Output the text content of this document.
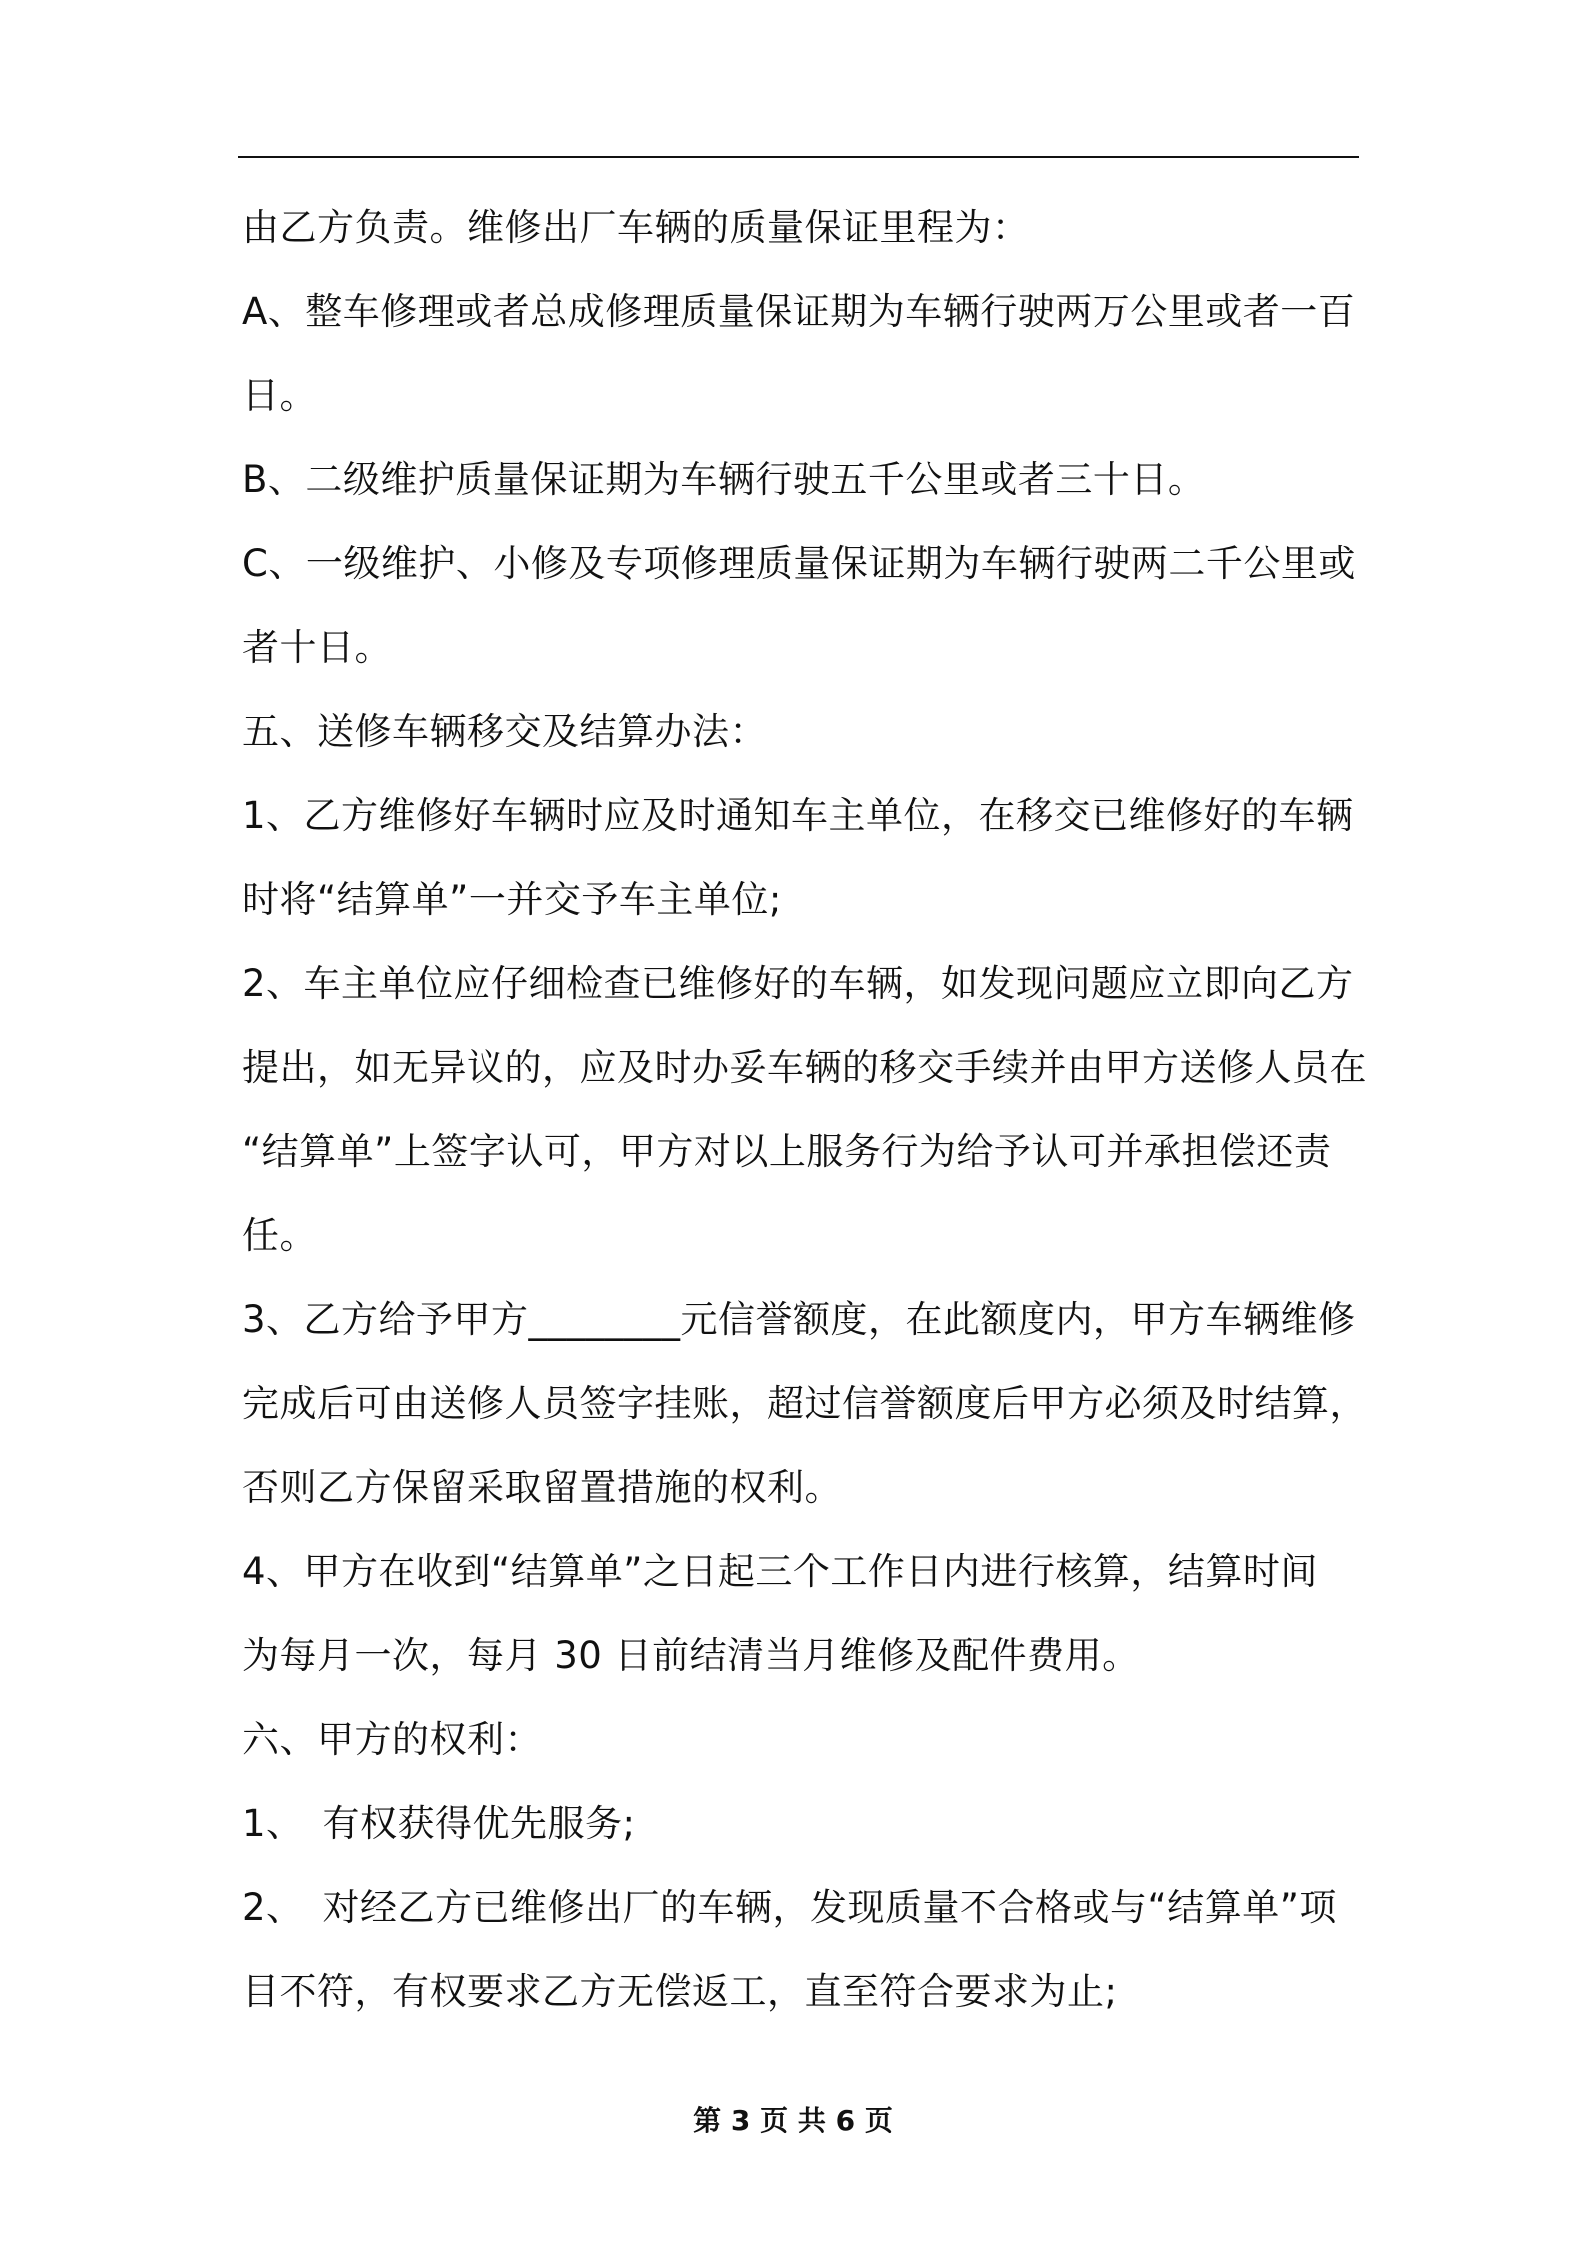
由乙方负责。维修出厂车辆的质量保证里程为：
A、整车修理或者总成修理质量保证期为车辆行驶两万公里或者一百
日。
B、二级维护质量保证期为车辆行驶五千公里或者三十日。
C、一级维护、小修及专项修理质量保证期为车辆行驶两二千公里或
者十日。
五、送修车辆移交及结算办法：
1、乙方维修好车辆时应及时通知车主单位，在移交已维修好的车辆
时将“结算单”一并交予车主单位;
2、车主单位应仔细检查已维修好的车辆，如发现问题应立即向乙方
提出，如无异议的，应及时办妥车辆的移交手续并由甲方送修人员在
“结算单”上签字认可，甲方对以上服务行为给予认可并承担偿还责
任。
3、乙方给予甲方________元信誉额度，在此额度内，甲方车辆维修
完成后可由送修人员签字挂账，超过信誉额度后甲方必须及时结算，
否则乙方保留采取留置措施的权利。
4、甲方在收到“结算单”之日起三个工作日内进行核算，结算时间
为每月一次，每月 30 日前结清当月维修及配件费用。
六、甲方的权利：
1、　有权获得优先服务;
2、　对经乙方已维修出厂的车辆，发现质量不合格或与“结算单”项
目不符，有权要求乙方无偿返工，直至符合要求为止;
第 3 页 共 6 页
